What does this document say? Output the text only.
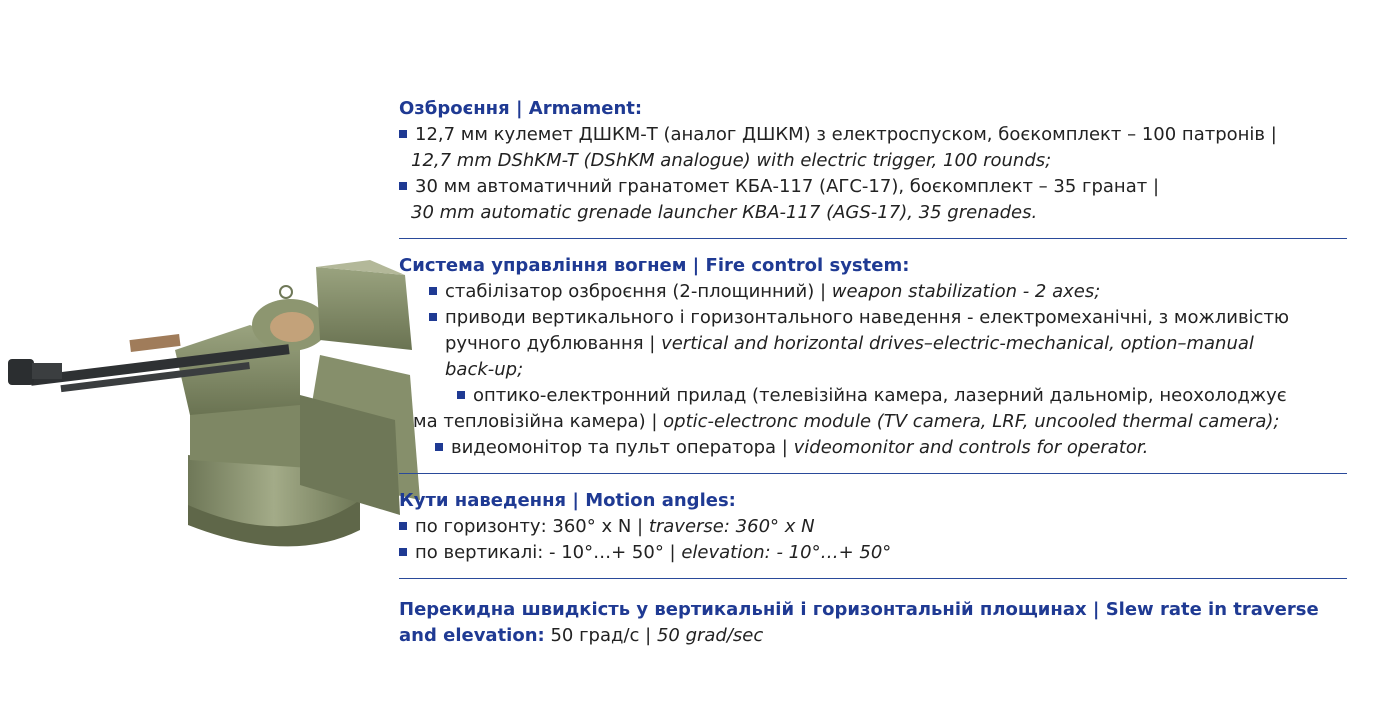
Озброєння | Armament:

12,7 мм кулемет ДШКМ-Т (аналог ДШКМ) з електроспуском, боєкомплект – 100 патронів |

12,7 mm DShKM-T (DShKM analogue) with electric trigger, 100 rounds;

30 мм автоматичний гранатомет КБА-117 (АГС-17), боєкомплект – 35 гранат |

30 mm automatic grenade launcher КВА-117 (AGS-17), 35 grenades.

Система управління вогнем | Fire control system:

стабілізатор озброєння (2-площинний) | weapon stabilization - 2 axes;

приводи вертикального і горизонтального наведення - електромеханічні, з можливістю

ручного дублювання | vertical and horizontal drives–electric-mechanical, option–manual

back-up;

оптико-електронний прилад (телевізійна камера, лазерний дальномір, неохолоджує

ма тепловізійна камера) | optic-electronc module (TV camera, LRF, uncooled thermal camera);

видеомонітор та пульт оператора | videomonitor and controls for operator.

Кути наведення | Motion angles:

по горизонту: 360° х N | traverse: 360° x N

по вертикалі: - 10°…+ 50° | elevation: - 10°…+ 50°

Перекидна швидкість у вертикальній і горизонтальній площинах | Slew rate in traverse and elevation: 50 град/с | 50 grad/sec
